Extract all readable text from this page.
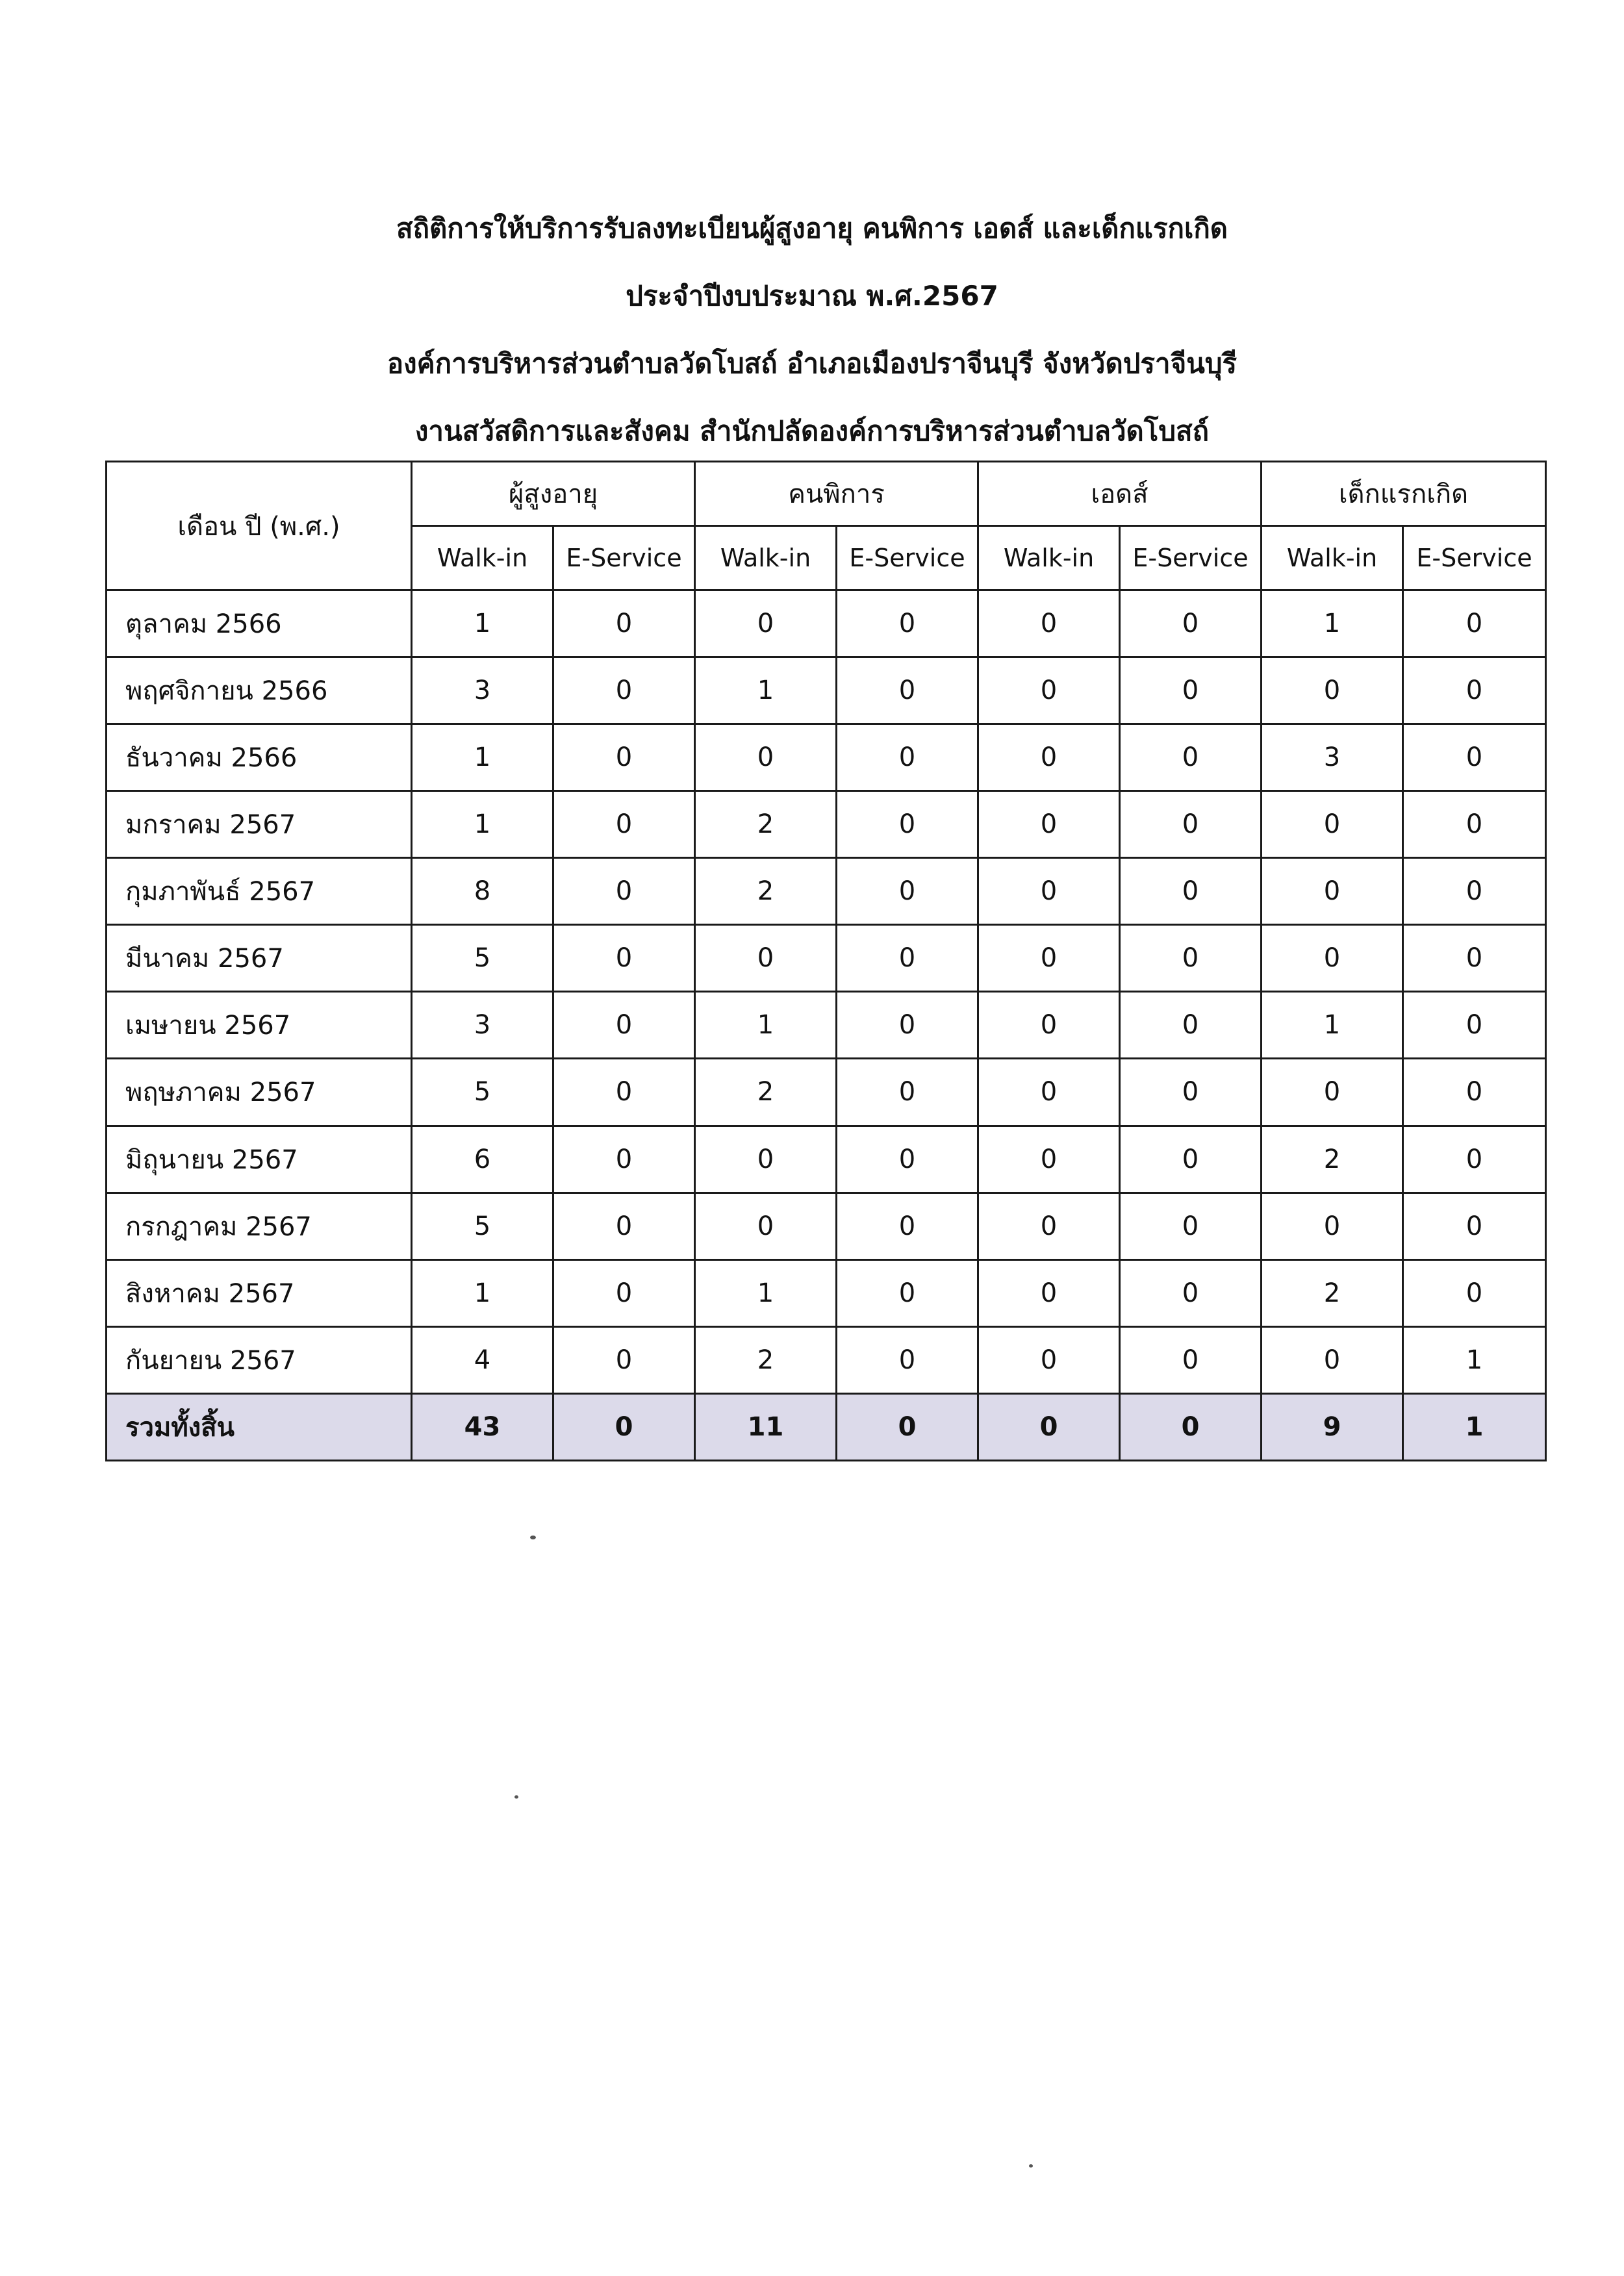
สถิติการให้บริการรับลงทะเบียนผู้สูงอายุ คนพิการ เอดส์ และเด็กแรกเกิด
ประจำปีงบประมาณ พ.ศ.2567
องค์การบริหารส่วนตำบลวัดโบสถ์ อำเภอเมืองปราจีนบุรี จังหวัดปราจีนบุรี
งานสวัสดิการและสังคม สำนักปลัดองค์การบริหารส่วนตำบลวัดโบสถ์
เดือน ปี (พ.ศ.)	ผู้สูงอายุ		คนพิการ		เอดส์		เด็กแรกเกิด	
	Walk-in	E-Service	Walk-in	E-Service	Walk-in	E-Service	Walk-in	E-Service
ตุลาคม 2566	1	0	0	0	0	0	1	0
พฤศจิกายน 2566	3	0	1	0	0	0	0	0
ธันวาคม 2566	1	0	0	0	0	0	3	0
มกราคม 2567	1	0	2	0	0	0	0	0
กุมภาพันธ์ 2567	8	0	2	0	0	0	0	0
มีนาคม 2567	5	0	0	0	0	0	0	0
เมษายน 2567	3	0	1	0	0	0	1	0
พฤษภาคม 2567	5	0	2	0	0	0	0	0
มิถุนายน 2567	6	0	0	0	0	0	2	0
กรกฎาคม 2567	5	0	0	0	0	0	0	0
สิงหาคม 2567	1	0	1	0	0	0	2	0
กันยายน 2567	4	0	2	0	0	0	0	1
รวมทั้งสิ้น	43	0	11	0	0	0	9	1
